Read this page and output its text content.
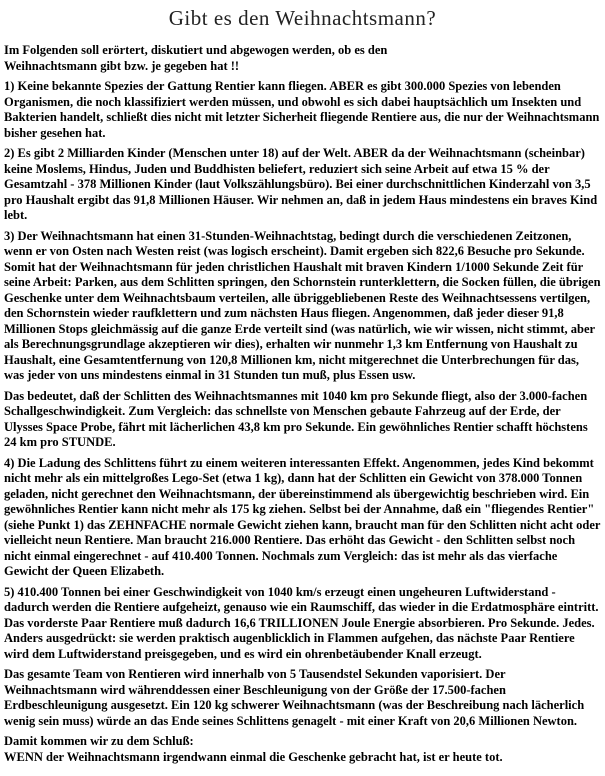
Gibt es den Weihnachtsmann?

Im Folgenden soll erörtert, diskutiert und abgewogen werden, ob es den
Weihnachtsmann gibt bzw. je gegeben hat !!

1) Keine bekannte Spezies der Gattung Rentier kann fliegen. ABER es gibt 300.000 Spezies von lebenden Organismen, die noch klassifiziert werden müssen, und obwohl es sich dabei hauptsächlich um Insekten und Bakterien handelt, schließt dies nicht mit letzter Sicherheit fliegende Rentiere aus, die nur der Weihnachtsmann bisher gesehen hat.

2) Es gibt 2 Milliarden Kinder (Menschen unter 18) auf der Welt. ABER da der Weihnachtsmann (scheinbar) keine Moslems, Hindus, Juden und Buddhisten beliefert, reduziert sich seine Arbeit auf etwa 15 % der Gesamtzahl - 378 Millionen Kinder (laut Volkszählungsbüro). Bei einer durchschnittlichen Kinderzahl von 3,5 pro Haushalt ergibt das 91,8 Millionen Häuser. Wir nehmen an, daß in jedem Haus mindestens ein braves Kind lebt.

3) Der Weihnachtsmann hat einen 31-Stunden-Weihnachtstag, bedingt durch die verschiedenen Zeitzonen, wenn er von Osten nach Westen reist (was logisch erscheint). Damit ergeben sich 822,6 Besuche pro Sekunde. Somit hat der Weihnachtsmann für jeden christlichen Haushalt mit braven Kindern 1/1000 Sekunde Zeit für seine Arbeit: Parken, aus dem Schlitten springen, den Schornstein runterklettern, die Socken füllen, die übrigen Geschenke unter dem Weihnachtsbaum verteilen, alle übriggebliebenen Reste des Weihnachtsessens vertilgen, den Schornstein wieder raufklettern und zum nächsten Haus fliegen. Angenommen, daß jeder dieser 91,8 Millionen Stops gleichmässig auf die ganze Erde verteilt sind (was natürlich, wie wir wissen, nicht stimmt, aber als Berechnungsgrundlage akzeptieren wir dies), erhalten wir nunmehr 1,3 km Entfernung von Haushalt zu Haushalt, eine Gesamtentfernung von 120,8 Millionen km, nicht mitgerechnet die Unterbrechungen für das, was jeder von uns mindestens einmal in 31 Stunden tun muß, plus Essen usw.

Das bedeutet, daß der Schlitten des Weihnachtsmannes mit 1040 km pro Sekunde fliegt, also der 3.000-fachen Schallgeschwindigkeit. Zum Vergleich: das schnellste von Menschen gebaute Fahrzeug auf der Erde, der Ulysses Space Probe, fährt mit lächerlichen 43,8 km pro Sekunde. Ein gewöhnliches Rentier schafft höchstens 24 km pro STUNDE.

4) Die Ladung des Schlittens führt zu einem weiteren interessanten Effekt. Angenommen, jedes Kind bekommt nicht mehr als ein mittelgroßes Lego-Set (etwa 1 kg), dann hat der Schlitten ein Gewicht von 378.000 Tonnen geladen, nicht gerechnet den Weihnachtsmann, der übereinstimmend als übergewichtig beschrieben wird. Ein gewöhnliches Rentier kann nicht mehr als 175 kg ziehen. Selbst bei der Annahme, daß ein "fliegendes Rentier" (siehe Punkt 1) das ZEHNFACHE normale Gewicht ziehen kann, braucht man für den Schlitten nicht acht oder vielleicht neun Rentiere. Man braucht 216.000 Rentiere. Das erhöht das Gewicht - den Schlitten selbst noch nicht einmal eingerechnet - auf 410.400 Tonnen. Nochmals zum Vergleich: das ist mehr als das vierfache Gewicht der Queen Elizabeth.

5) 410.400 Tonnen bei einer Geschwindigkeit von 1040 km/s erzeugt einen ungeheuren Luftwiderstand - dadurch werden die Rentiere aufgeheizt, genauso wie ein Raumschiff, das wieder in die Erdatmosphäre eintritt. Das vorderste Paar Rentiere muß dadurch 16,6 TRILLIONEN Joule Energie absorbieren. Pro Sekunde. Jedes. Anders ausgedrückt: sie werden praktisch augenblicklich in Flammen aufgehen, das nächste Paar Rentiere wird dem Luftwiderstand preisgegeben, und es wird ein ohrenbetäubender Knall erzeugt.

Das gesamte Team von Rentieren wird innerhalb von 5 Tausendstel Sekunden vaporisiert. Der Weihnachtsmann wird währenddessen einer Beschleunigung von der Größe der 17.500-fachen Erdbeschleunigung ausgesetzt. Ein 120 kg schwerer Weihnachtsmann (was der Beschreibung nach lächerlich wenig sein muss) würde an das Ende seines Schlittens genagelt - mit einer Kraft von 20,6 Millionen Newton.

Damit kommen wir zu dem Schluß:
WENN der Weihnachtsmann irgendwann einmal die Geschenke gebracht hat, ist er heute tot.
